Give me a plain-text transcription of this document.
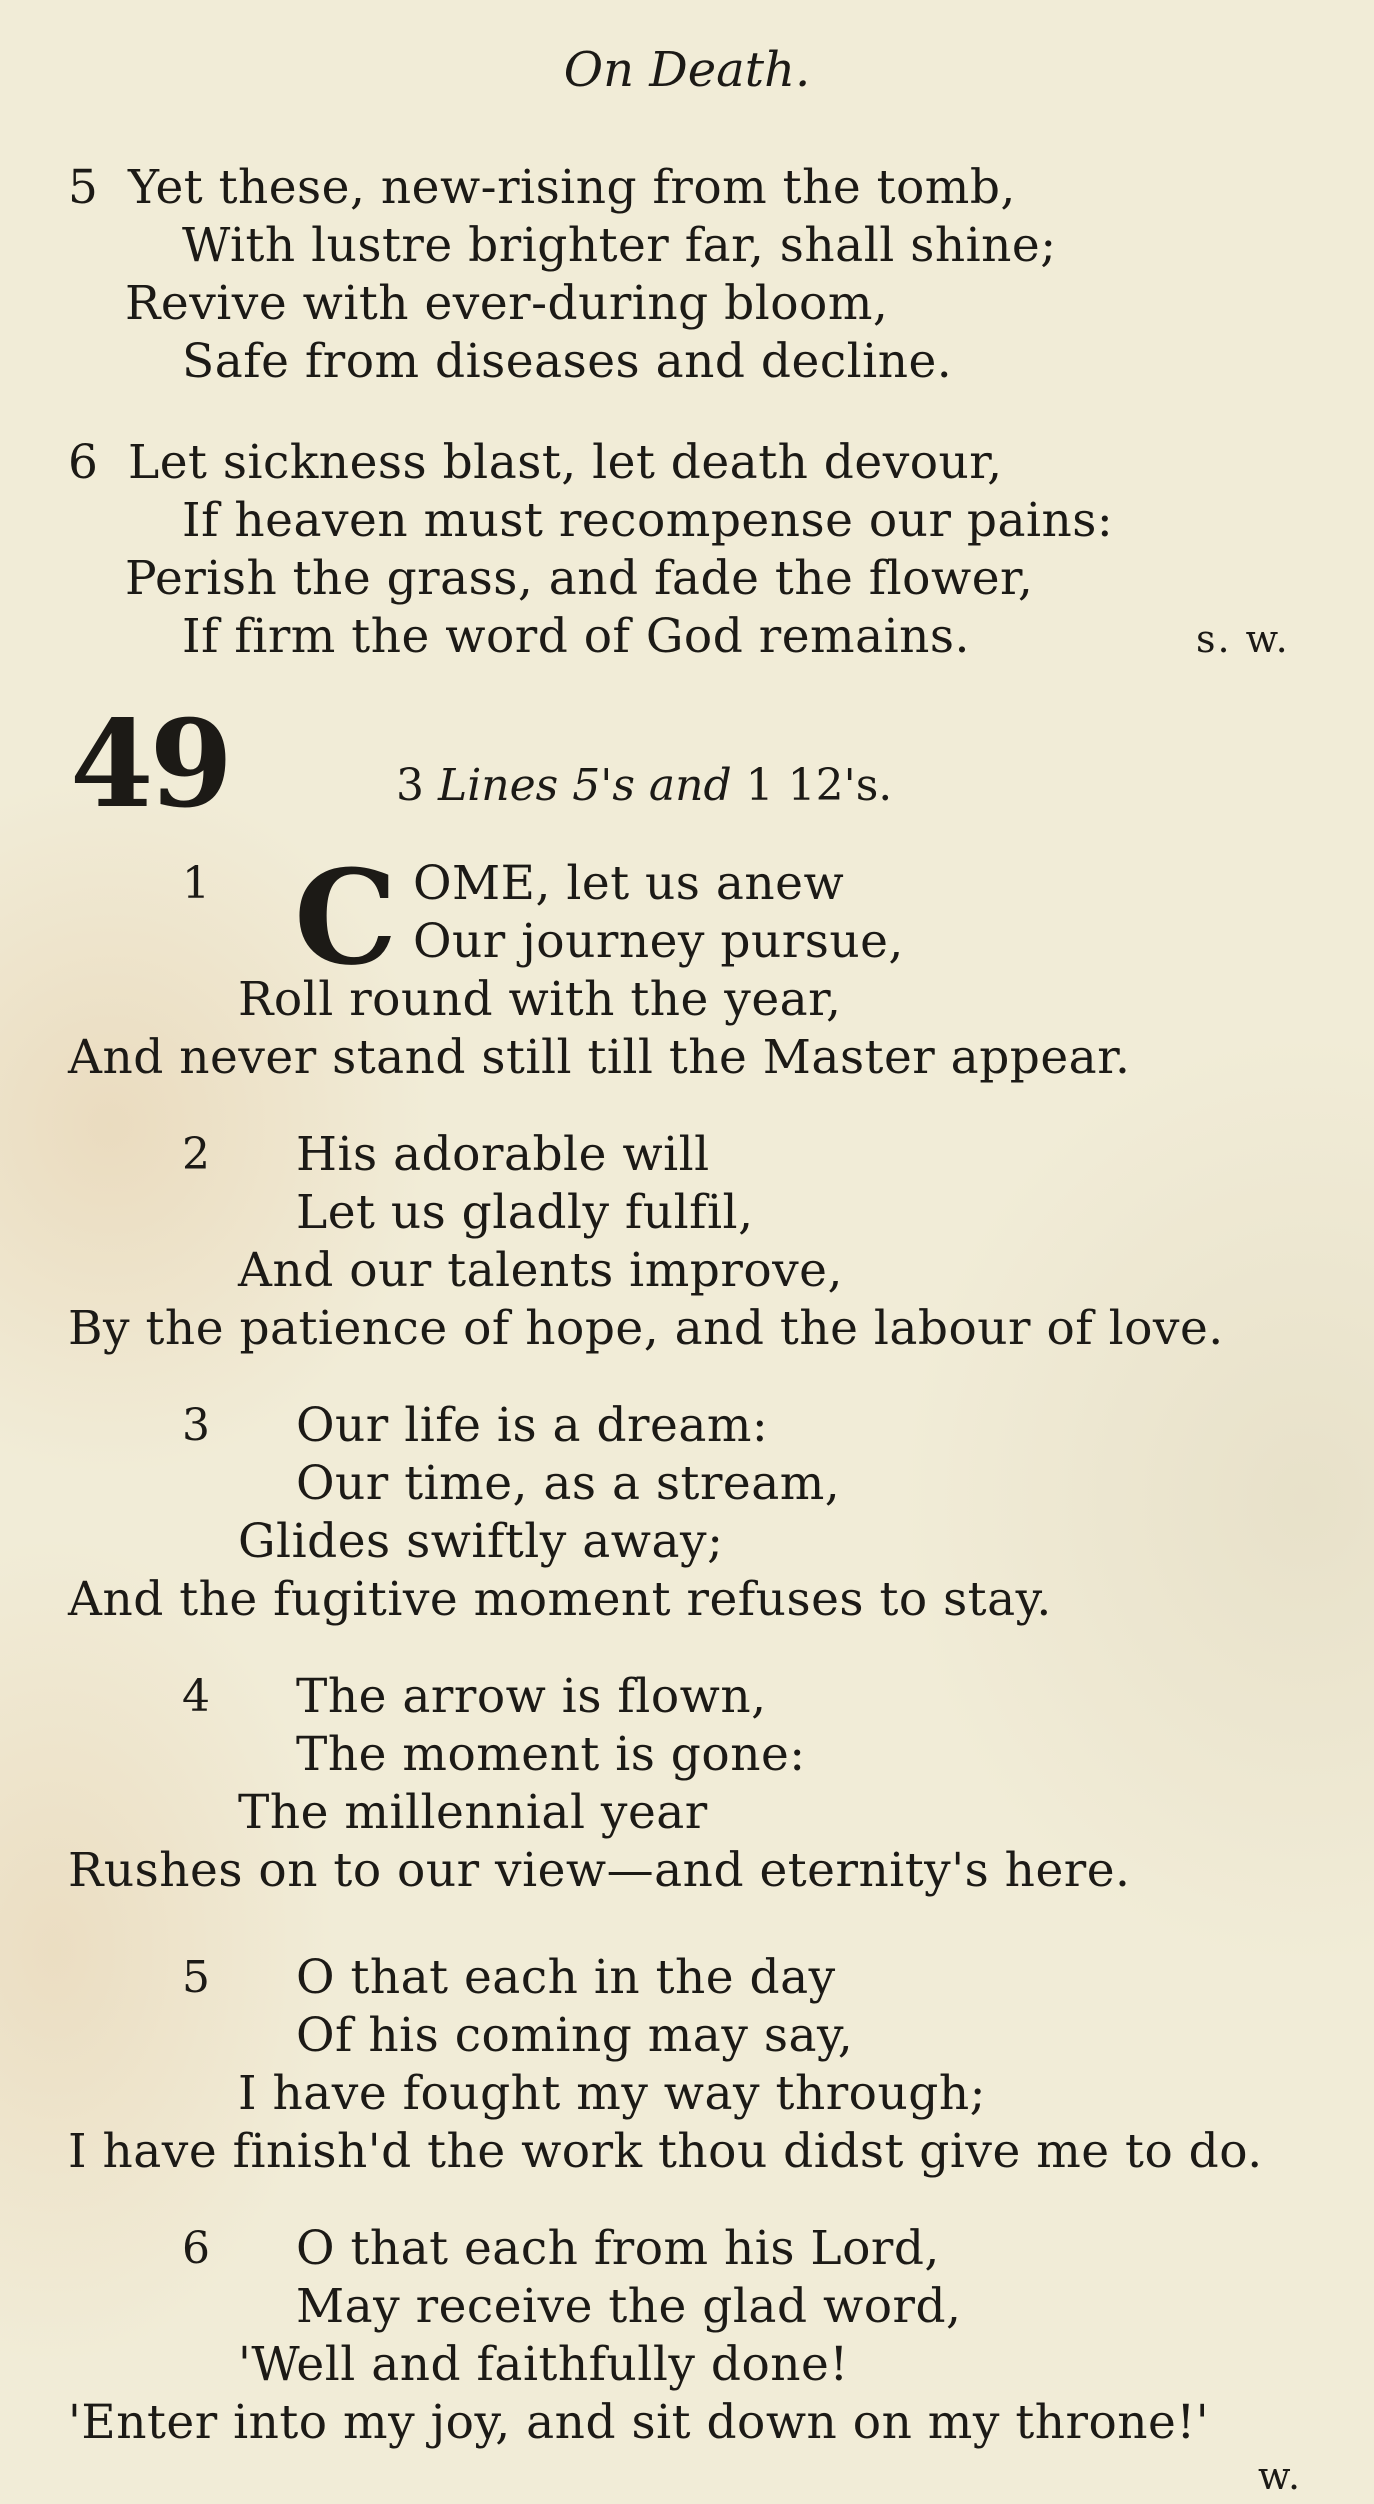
On Death.
5 Yet these, new-rising from the tomb,
With lustre brighter far, shall shine;
Revive with ever-during bloom,
Safe from diseases and decline.
6 Let sickness blast, let death devour,
If heaven must recompense our pains:
Perish the grass, and fade the flower,
If firm the word of God remains.	s. w.
49	3 Lines 5's and 1 12's.
1 C OME, let us anew
Our journey pursue,
Roll round with the year,
And never stand still till the Master appear.
2 His adorable will
Let us gladly fulfil,
And our talents improve,
By the patience of hope, and the labour of love.
3 Our life is a dream:
Our time, as a stream,
Glides swiftly away;
And the fugitive moment refuses to stay.
4 The arrow is flown,
The moment is gone:
The millennial year
Rushes on to our view—and eternity's here.
5 O that each in the day
Of his coming may say,
I have fought my way through;
I have finish'd the work thou didst give me to do.
6 O that each from his Lord,
May receive the glad word,
'Well and faithfully done!
'Enter into my joy, and sit down on my throne!'
w.
